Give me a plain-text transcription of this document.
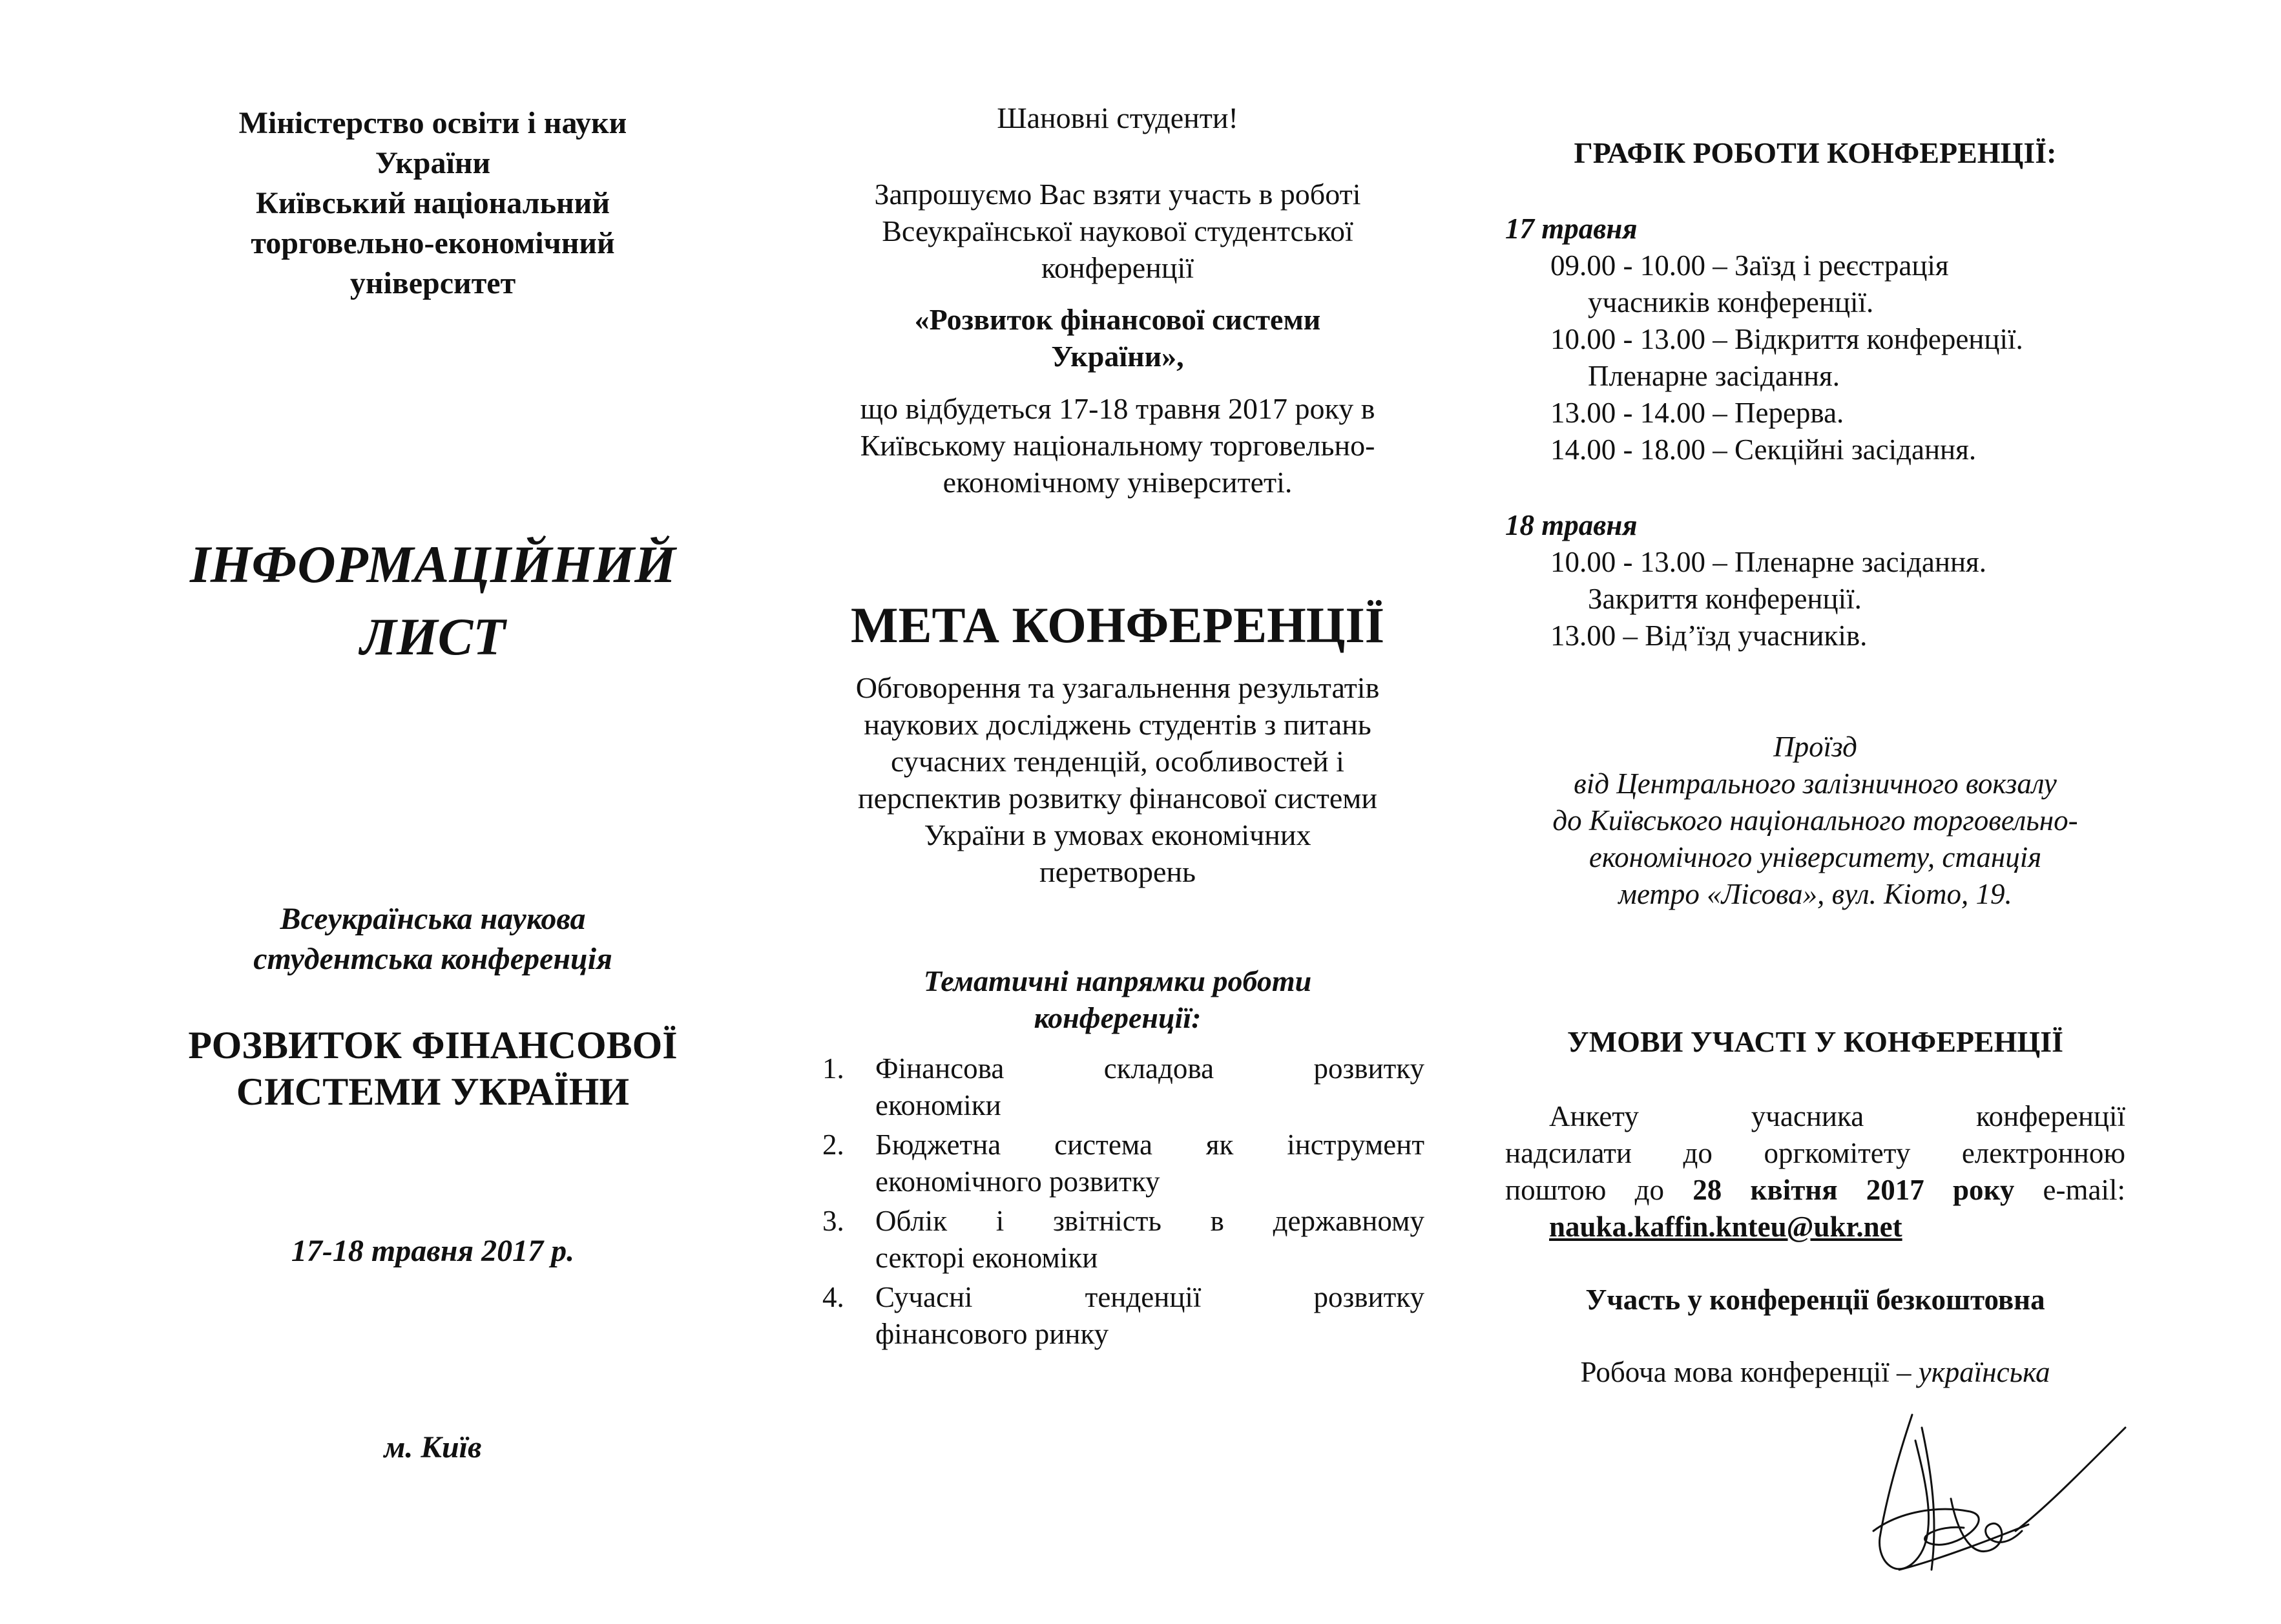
Міністерство освіти і науки
України
Київський національний
торговельно-економічний
університет
ІНФОРМАЦІЙНИЙ
ЛИСТ
Всеукраїнська наукова
студентська конференція
РОЗВИТОК ФІНАНСОВОЇ
СИСТЕМИ УКРАЇНИ
17-18 травня 2017 р.
м. Київ
Шановні студенти!
Запрошуємо Вас взяти участь в роботі
Всеукраїнської наукової студентської
конференції
«Розвиток фінансової системи
України»,
що відбудеться 17-18 травня 2017 року в
Київському національному торговельно-
економічному університеті.
МЕТА КОНФЕРЕНЦІЇ
Обговорення та узагальнення результатів
наукових досліджень студентів з питань
сучасних тенденцій, особливостей і
перспектив розвитку фінансової системи
України в умовах економічних
перетворень
Тематичні напрямки роботи
конференції:
1. Фінансова складова розвитку
економіки
2. Бюджетна система як інструмент
економічного розвитку
3. Облік і звітність в державному
секторі економіки
4. Сучасні тенденції розвитку
фінансового ринку
ГРАФІК РОБОТИ КОНФЕРЕНЦІЇ:
17 травня
09.00 - 10.00 – Заїзд і реєстрація
учасників конференції.
10.00 - 13.00 – Відкриття конференції.
Пленарне засідання.
13.00 - 14.00 – Перерва.
14.00 - 18.00 – Секційні засідання.
18 травня
10.00 - 13.00 – Пленарне засідання.
Закриття конференції.
13.00 – Від’їзд учасників.
Проїзд
від Центрального залізничного вокзалу
до Київського національного торговельно-
економічного університету, станція
метро «Лісова», вул. Кіото, 19.
УМОВИ УЧАСТІ У КОНФЕРЕНЦІЇ
Анкету учасника конференції
надсилати до оргкомітету електронною
поштою до 28 квітня 2017 року e-mail:
nauka.kaffin.knteu@ukr.net
Участь у конференції безкоштовна
Робоча мова конференції – українська
